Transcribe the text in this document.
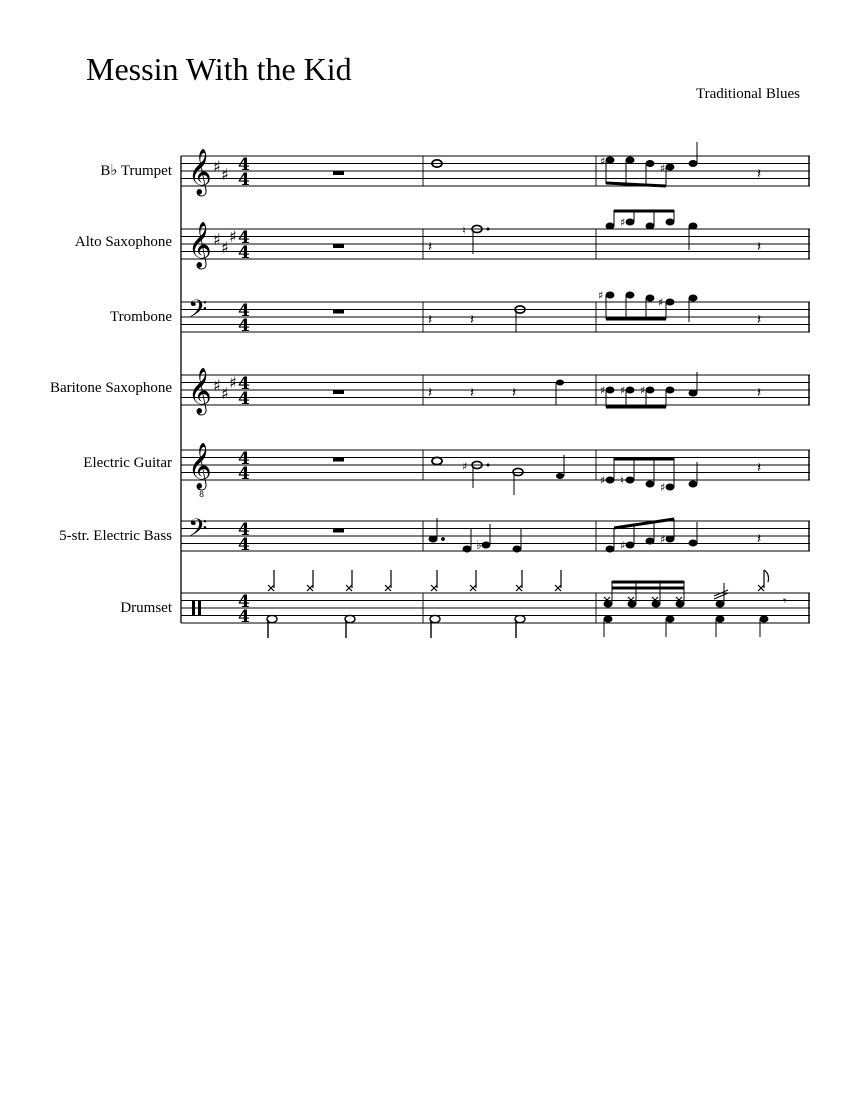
Messin With the Kid
Traditional Blues
B♭ Trumpet
Alto Saxophone
Trombone
Baritone Saxophone
Electric Guitar
5-str. Electric Bass
Drumset
𝄞 ♯ ♯ 4
4
♯
♯	𝄽
𝄞 ♯ ♯
♯ 4
4	𝄽
♮
♯
𝄽
𝄢 4
4	𝄽	𝄽
♯
♯
𝄽
𝄞 ♯ ♯
♯ 4
4	𝄽	𝄽	𝄽	♯ ♯ ♯	𝄽
𝄞
8
4
4	♯
♯ ♮
♯
𝄽
𝄢 4
4	♭	♯	♯	𝄽
4
4
𝄾
